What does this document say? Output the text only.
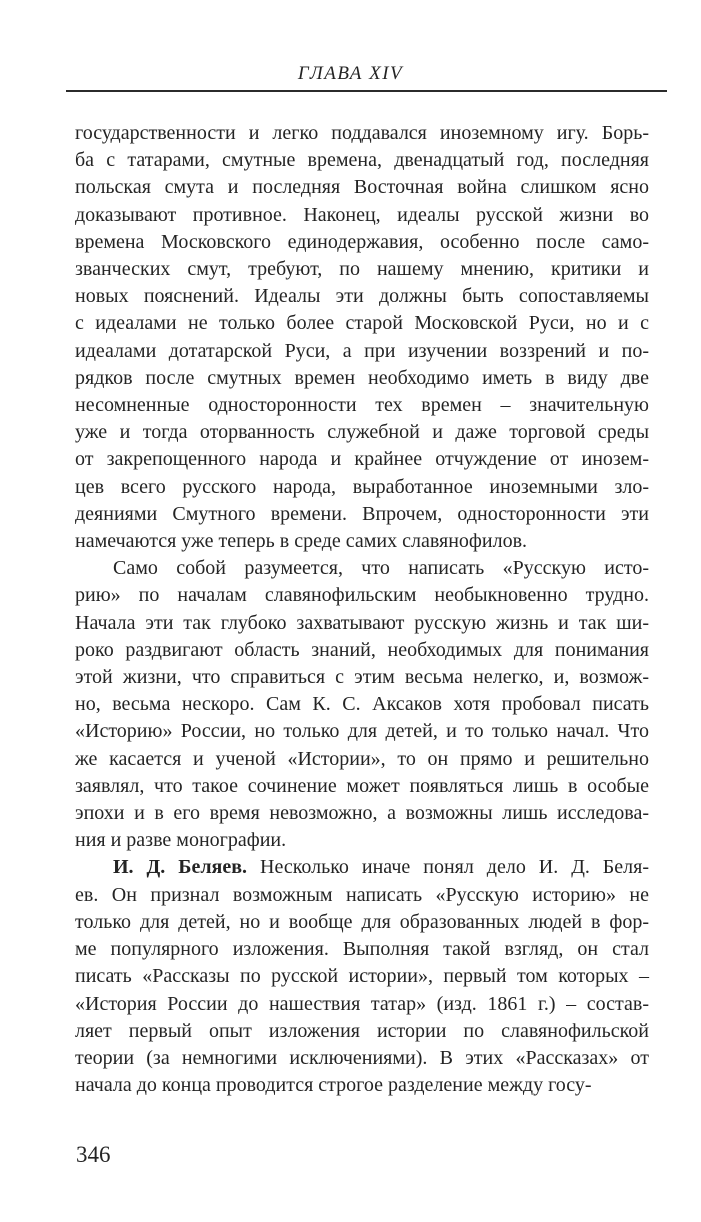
ГЛАВА XIV
государственности и легко поддавался иноземному игу. Борь-
ба с татарами, смутные времена, двенадцатый год, последняя
польская смута и последняя Восточная война слишком ясно
доказывают противное. Наконец, идеалы русской жизни во
времена Московского единодержавия, особенно после само-
званческих смут, требуют, по нашему мнению, критики и
новых пояснений. Идеалы эти должны быть сопоставляемы
с идеалами не только более старой Московской Руси, но и с
идеалами дотатарской Руси, а при изучении воззрений и по-
рядков после смутных времен необходимо иметь в виду две
несомненные односторонности тех времен – значительную
уже и тогда оторванность служебной и даже торговой среды
от закрепощенного народа и крайнее отчуждение от инозем-
цев всего русского народа, выработанное иноземными зло-
деяниями Смутного времени. Впрочем, односторонности эти
намечаются уже теперь в среде самих славянофилов.
Само собой разумеется, что написать «Русскую исто-
рию» по началам славянофильским необыкновенно трудно.
Начала эти так глубоко захватывают русскую жизнь и так ши-
роко раздвигают область знаний, необходимых для понимания
этой жизни, что справиться с этим весьма нелегко, и, возмож-
но, весьма нескоро. Сам К. С. Аксаков хотя пробовал писать
«Историю» России, но только для детей, и то только начал. Что
же касается и ученой «Истории», то он прямо и решительно
заявлял, что такое сочинение может появляться лишь в особые
эпохи и в его время невозможно, а возможны лишь исследова-
ния и разве монографии.
И. Д. Беляев. Несколько иначе понял дело И. Д. Беля-
ев. Он признал возможным написать «Русскую историю» не
только для детей, но и вообще для образованных людей в фор-
ме популярного изложения. Выполняя такой взгляд, он стал
писать «Рассказы по русской истории», первый том которых –
«История России до нашествия татар» (изд. 1861 г.) – состав-
ляет первый опыт изложения истории по славянофильской
теории (за немногими исключениями). В этих «Рассказах» от
начала до конца проводится строгое разделение между госу-
346
